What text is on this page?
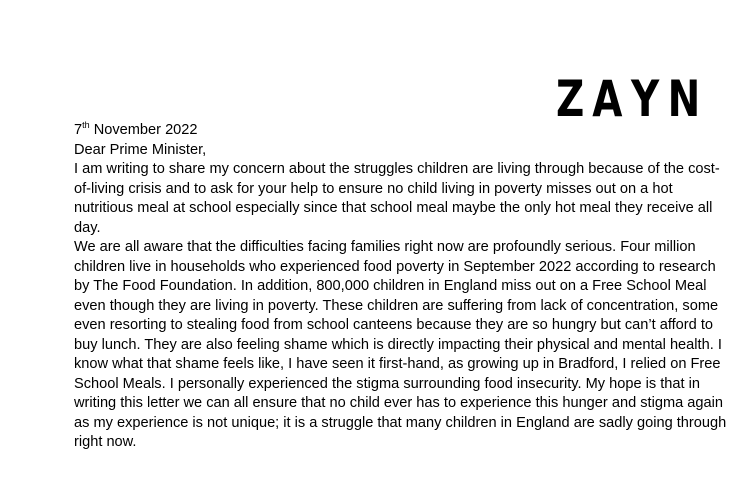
Z A Y N

7th November 2022

Dear Prime Minister,

I am writing to share my concern about the struggles children are living through because of the cost-
of-living crisis and to ask for your help to ensure no child living in poverty misses out on a hot
nutritious meal at school especially since that school meal maybe the only hot meal they receive all
day.

We are all aware that the difficulties facing families right now are profoundly serious. Four million
children live in households who experienced food poverty in September 2022 according to research
by The Food Foundation. In addition, 800,000 children in England miss out on a Free School Meal
even though they are living in poverty. These children are suffering from lack of concentration, some
even resorting to stealing food from school canteens because they are so hungry but can’t afford to
buy lunch. They are also feeling shame which is directly impacting their physical and mental health. I
know what that shame feels like, I have seen it first-hand, as growing up in Bradford, I relied on Free
School Meals. I personally experienced the stigma surrounding food insecurity. My hope is that in
writing this letter we can all ensure that no child ever has to experience this hunger and stigma again
as my experience is not unique; it is a struggle that many children in England are sadly going through
right now.
